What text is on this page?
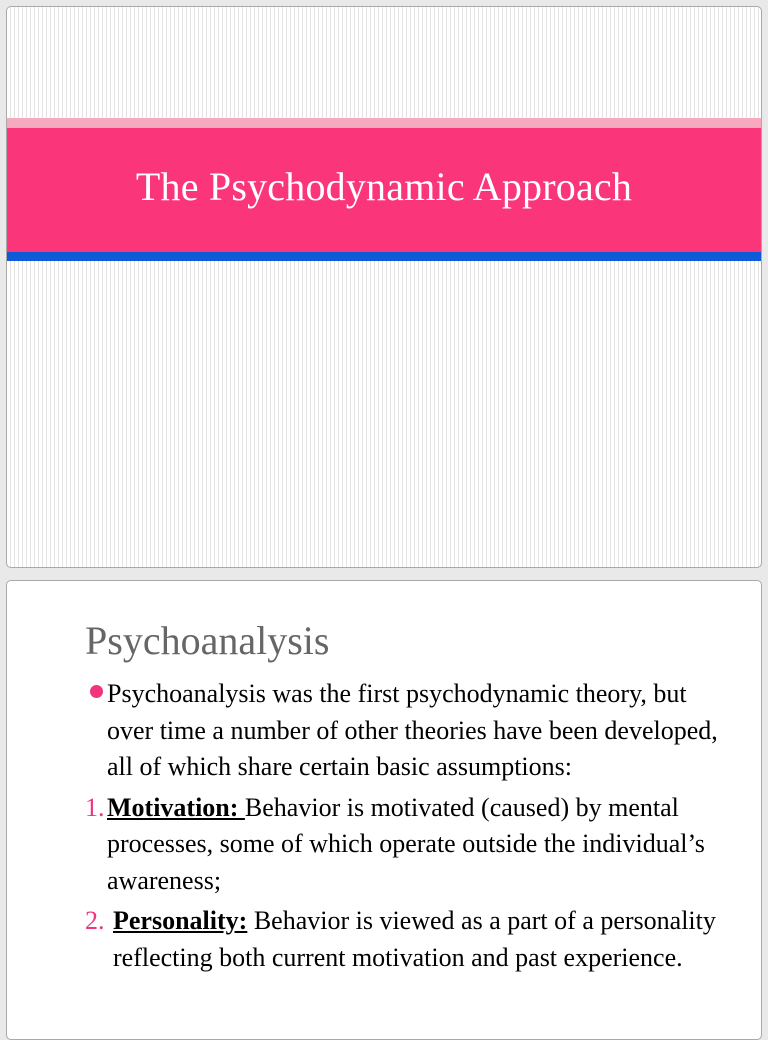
The Psychodynamic Approach
Psychoanalysis
Psychoanalysis was the first psychodynamic theory, but over time a number of other theories have been developed, all of which share certain basic assumptions:
1. Motivation: Behavior is motivated (caused) by mental processes, some of which operate outside the individual’s awareness;
2. Personality: Behavior is viewed as a part of a personality reflecting both current motivation and past experience.
